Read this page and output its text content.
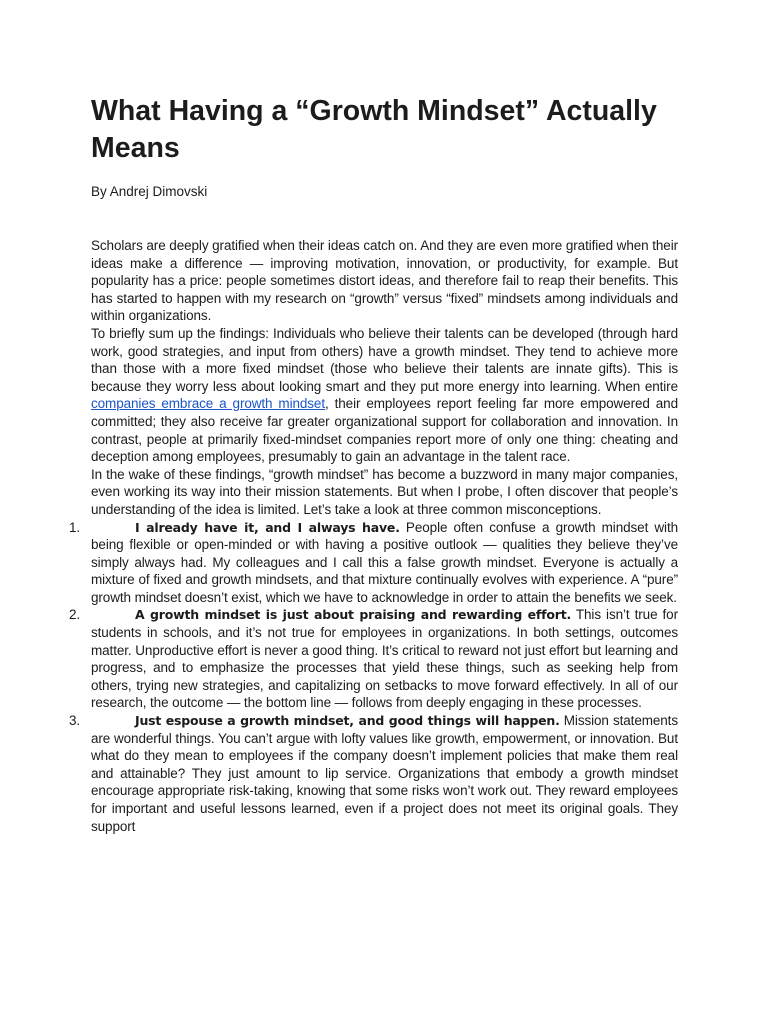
What Having a “Growth Mindset” Actually Means

By Andrej Dimovski

Scholars are deeply gratified when their ideas catch on. And they are even more gratified when their ideas make a difference — improving motivation, innovation, or productivity, for example. But popularity has a price: people sometimes distort ideas, and therefore fail to reap their benefits. This has started to happen with my research on “growth” versus “fixed” mindsets among individuals and within organizations.

To briefly sum up the findings: Individuals who believe their talents can be developed (through hard work, good strategies, and input from others) have a growth mindset. They tend to achieve more than those with a more fixed mindset (those who believe their talents are innate gifts). This is because they worry less about looking smart and they put more energy into learning. When entire companies embrace a growth mindset, their employees report feeling far more empowered and committed; they also receive far greater organizational support for collaboration and innovation. In contrast, people at primarily fixed-mindset companies report more of only one thing: cheating and deception among employees, presumably to gain an advantage in the talent race.

In the wake of these findings, “growth mindset” has become a buzzword in many major companies, even working its way into their mission statements. But when I probe, I often discover that people’s understanding of the idea is limited. Let’s take a look at three common misconceptions.

1.	I already have it, and I always have. People often confuse a growth mindset with being flexible or open-minded or with having a positive outlook — qualities they believe they’ve simply always had. My colleagues and I call this a false growth mindset. Everyone is actually a mixture of fixed and growth mindsets, and that mixture continually evolves with experience. A “pure” growth mindset doesn’t exist, which we have to acknowledge in order to attain the benefits we seek.
2.	A growth mindset is just about praising and rewarding effort. This isn’t true for students in schools, and it’s not true for employees in organizations. In both settings, outcomes matter. Unproductive effort is never a good thing. It’s critical to reward not just effort but learning and progress, and to emphasize the processes that yield these things, such as seeking help from others, trying new strategies, and capitalizing on setbacks to move forward effectively. In all of our research, the outcome — the bottom line — follows from deeply engaging in these processes.
3.	Just espouse a growth mindset, and good things will happen. Mission statements are wonderful things. You can’t argue with lofty values like growth, empowerment, or innovation. But what do they mean to employees if the company doesn’t implement policies that make them real and attainable? They just amount to lip service. Organizations that embody a growth mindset encourage appropriate risk-taking, knowing that some risks won’t work out. They reward employees for important and useful lessons learned, even if a project does not meet its original goals. They support
